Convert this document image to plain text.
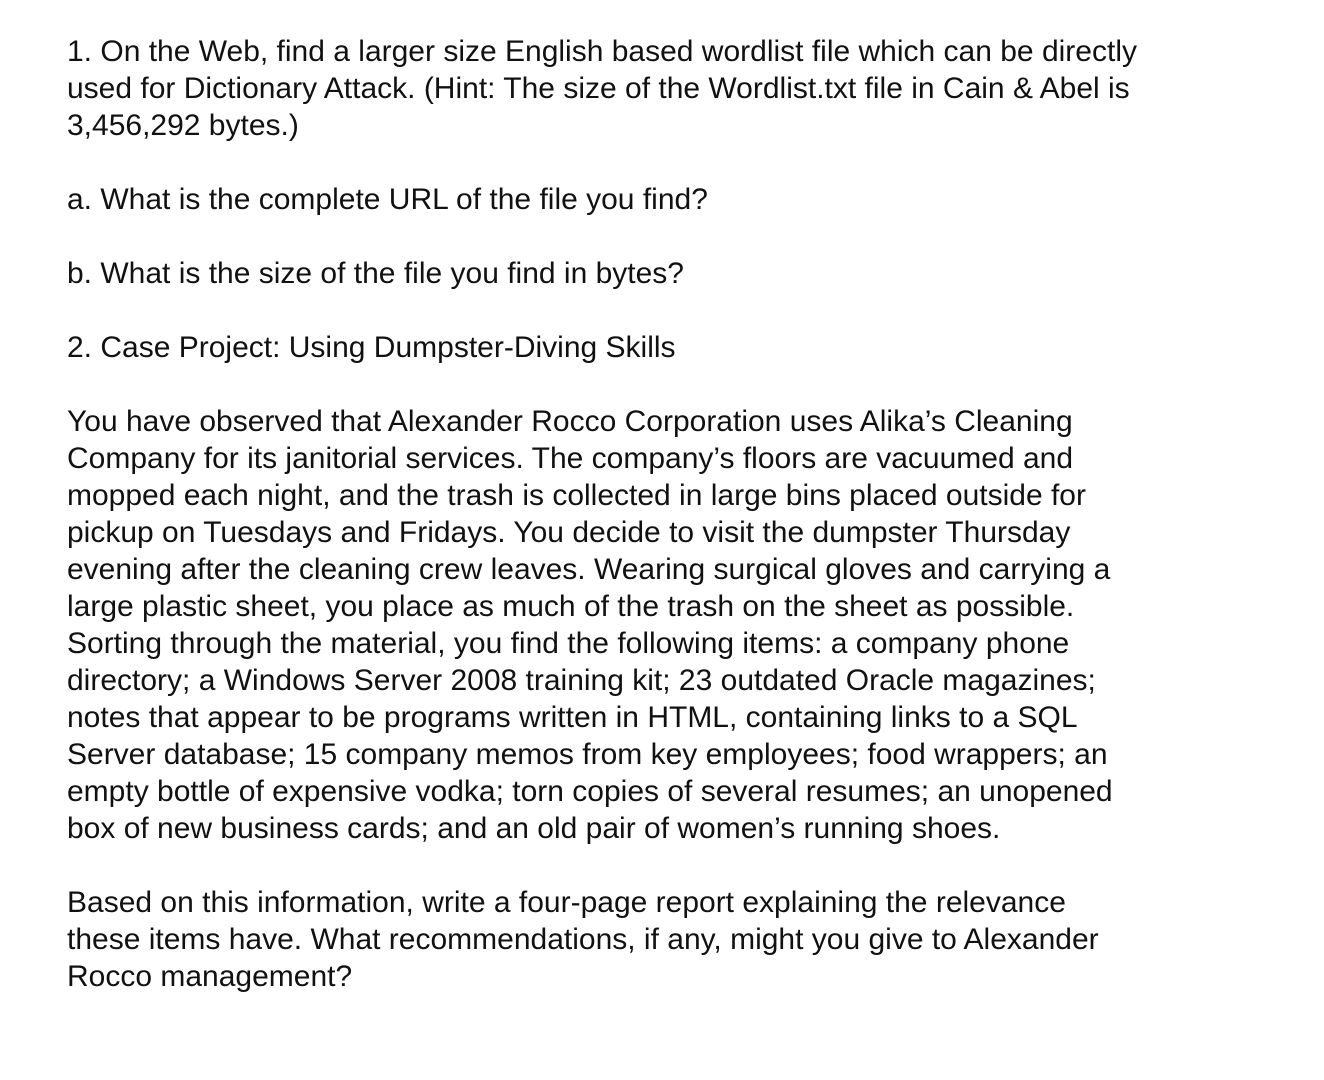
1. On the Web, find a larger size English based wordlist file which can be directly
used for Dictionary Attack. (Hint: The size of the Wordlist.txt file in Cain & Abel is
3,456,292 bytes.)

a. What is the complete URL of the file you find?

b. What is the size of the file you find in bytes?

2. Case Project: Using Dumpster-Diving Skills

You have observed that Alexander Rocco Corporation uses Alika’s Cleaning
Company for its janitorial services. The company’s floors are vacuumed and
mopped each night, and the trash is collected in large bins placed outside for
pickup on Tuesdays and Fridays. You decide to visit the dumpster Thursday
evening after the cleaning crew leaves. Wearing surgical gloves and carrying a
large plastic sheet, you place as much of the trash on the sheet as possible.
Sorting through the material, you find the following items: a company phone
directory; a Windows Server 2008 training kit; 23 outdated Oracle magazines;
notes that appear to be programs written in HTML, containing links to a SQL
Server database; 15 company memos from key employees; food wrappers; an
empty bottle of expensive vodka; torn copies of several resumes; an unopened
box of new business cards; and an old pair of women’s running shoes.

Based on this information, write a four-page report explaining the relevance
these items have. What recommendations, if any, might you give to Alexander
Rocco management?
